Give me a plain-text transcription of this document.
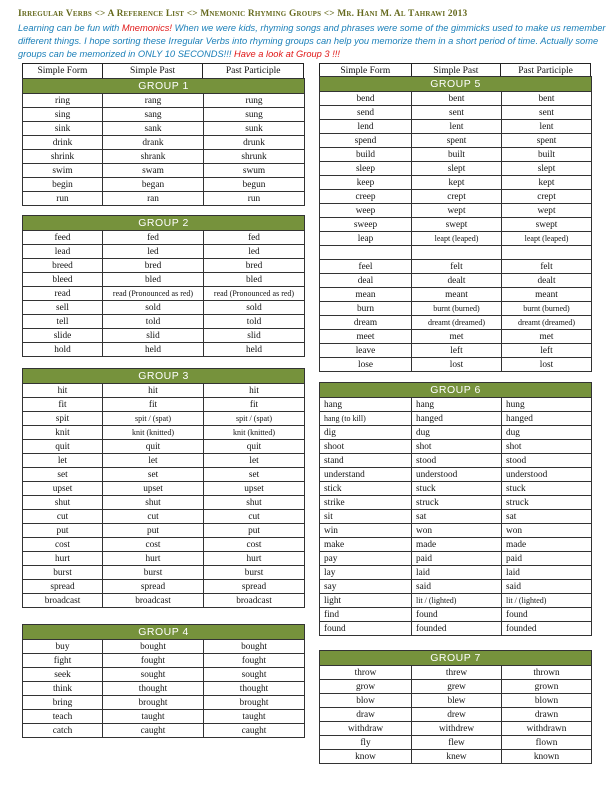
Irregular Verbs <> A Reference List <> Mnemonic Rhyming Groups <> Mr. Hani M. Al Tahrawi 2013
Learning can be fun with Mnemonics! When we were kids, rhyming songs and phrases were some of the gimmicks used to make us remember different things. I hope sorting these Irregular Verbs into rhyming groups can help you memorize them in a short period of time. Actually some groups can be memorized in ONLY 10 SECONDS!!! Have a look at Group 3 !!!
Simple Form	Simple Past	Past Participle	Simple Form	Simple Past	Past Participle
GROUP 1		
ring	rang	rung
sing	sang	sung
sink	sank	sunk
drink	drank	drunk
shrink	shrank	shrunk
swim	swam	swum
begin	began	begun
run	ran	run
GROUP 2		
feed	fed	fed
lead	led	led
breed	bred	bred
bleed	bled	bled
read	read (Pronounced as red)	read (Pronounced as red)
sell	sold	sold
tell	told	told
slide	slid	slid
hold	held	held
GROUP 3		
hit	hit	hit
fit	fit	fit
spit	spit / (spat)	spit / (spat)
knit	knit (knitted)	knit (knitted)
quit	quit	quit
let	let	let
set	set	set
upset	upset	upset
shut	shut	shut
cut	cut	cut
put	put	put
cost	cost	cost
hurt	hurt	hurt
burst	burst	burst
spread	spread	spread
broadcast	broadcast	broadcast
GROUP 4		
buy	bought	bought
fight	fought	fought
seek	sought	sought
think	thought	thought
bring	brought	brought
teach	taught	taught
catch	caught	caught
GROUP 5		
bend	bent	bent
send	sent	sent
lend	lent	lent
spend	spent	spent
build	built	built
sleep	slept	slept
keep	kept	kept
creep	crept	crept
weep	wept	wept
sweep	swept	swept
leap	leapt (leaped)	leapt (leaped)

feel	felt	felt
deal	dealt	dealt
mean	meant	meant
burn	burnt (burned)	burnt (burned)
dream	dreamt (dreamed)	dreamt (dreamed)
meet	met	met
leave	left	left
lose	lost	lost
GROUP 6		
hang	hang	hung
hang (to kill)	hanged	hanged
dig	dug	dug
shoot	shot	shot
stand	stood	stood
understand	understood	understood
stick	stuck	stuck
strike	struck	struck
sit	sat	sat
win	won	won
make	made	made
pay	paid	paid
lay	laid	laid
say	said	said
light	lit / (lighted)	lit / (lighted)
find	found	found
found	founded	founded
GROUP 7		
throw	threw	thrown
grow	grew	grown
blow	blew	blown
draw	drew	drawn
withdraw	withdrew	withdrawn
fly	flew	flown
know	knew	known
